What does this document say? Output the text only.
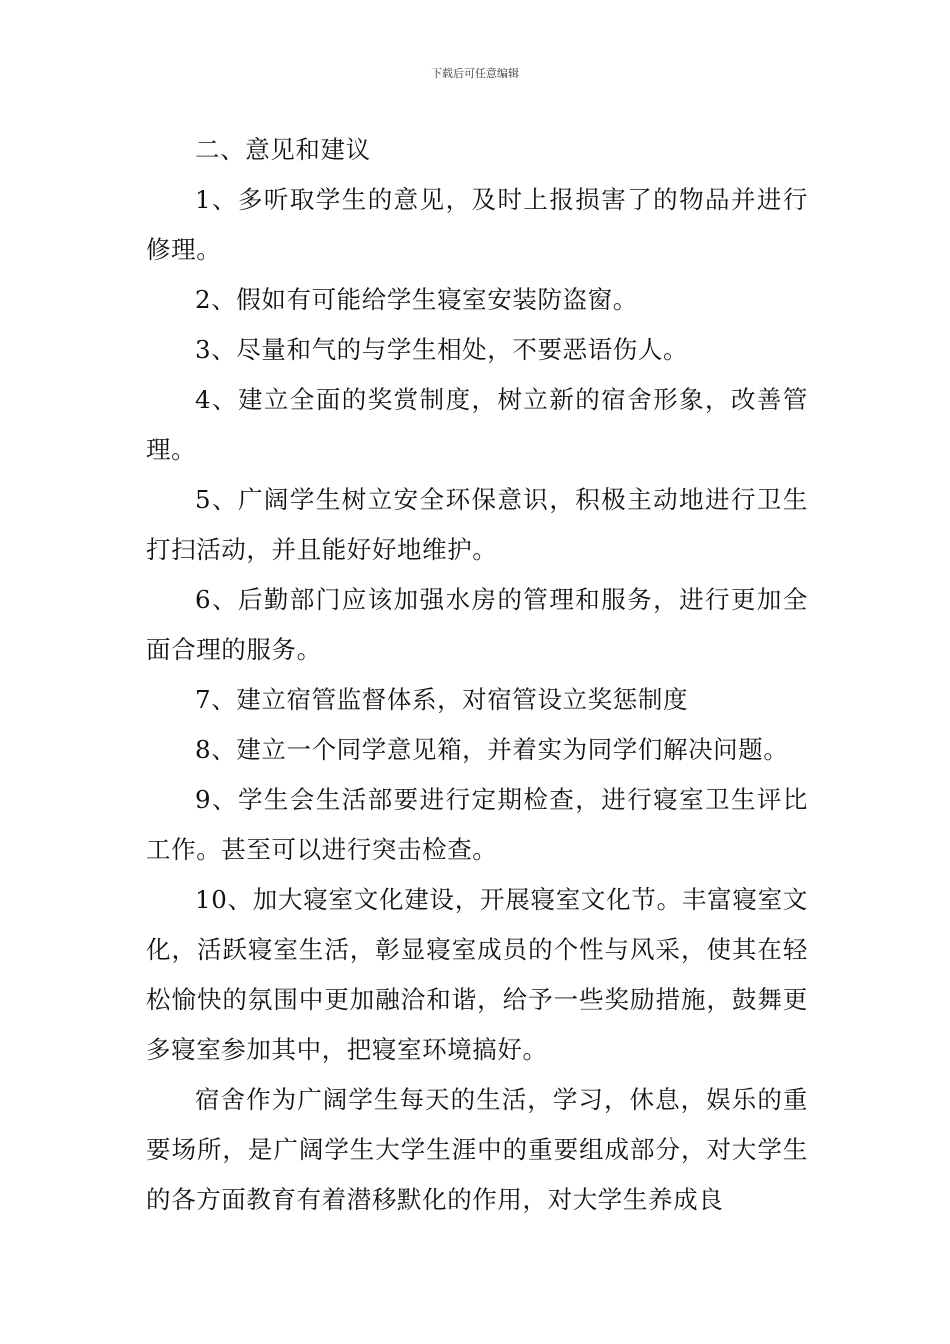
下载后可任意编辑

二、意见和建议

1、多听取学生的意见，及时上报损害了的物品并进行修理。

2、假如有可能给学生寝室安装防盗窗。

3、尽量和气的与学生相处，不要恶语伤人。

4、建立全面的奖赏制度，树立新的宿舍形象，改善管理。

5、广阔学生树立安全环保意识，积极主动地进行卫生打扫活动，并且能好好地维护。

6、后勤部门应该加强水房的管理和服务，进行更加全面合理的服务。

7、建立宿管监督体系，对宿管设立奖惩制度

8、建立一个同学意见箱，并着实为同学们解决问题。

9、学生会生活部要进行定期检查，进行寝室卫生评比工作。甚至可以进行突击检查。

10、加大寝室文化建设，开展寝室文化节。丰富寝室文化，活跃寝室生活，彰显寝室成员的个性与风采，使其在轻松愉快的氛围中更加融洽和谐，给予一些奖励措施，鼓舞更多寝室参加其中，把寝室环境搞好。

宿舍作为广阔学生每天的生活，学习，休息，娱乐的重要场所，是广阔学生大学生涯中的重要组成部分，对大学生的各方面教育有着潜移默化的作用，对大学生养成良
